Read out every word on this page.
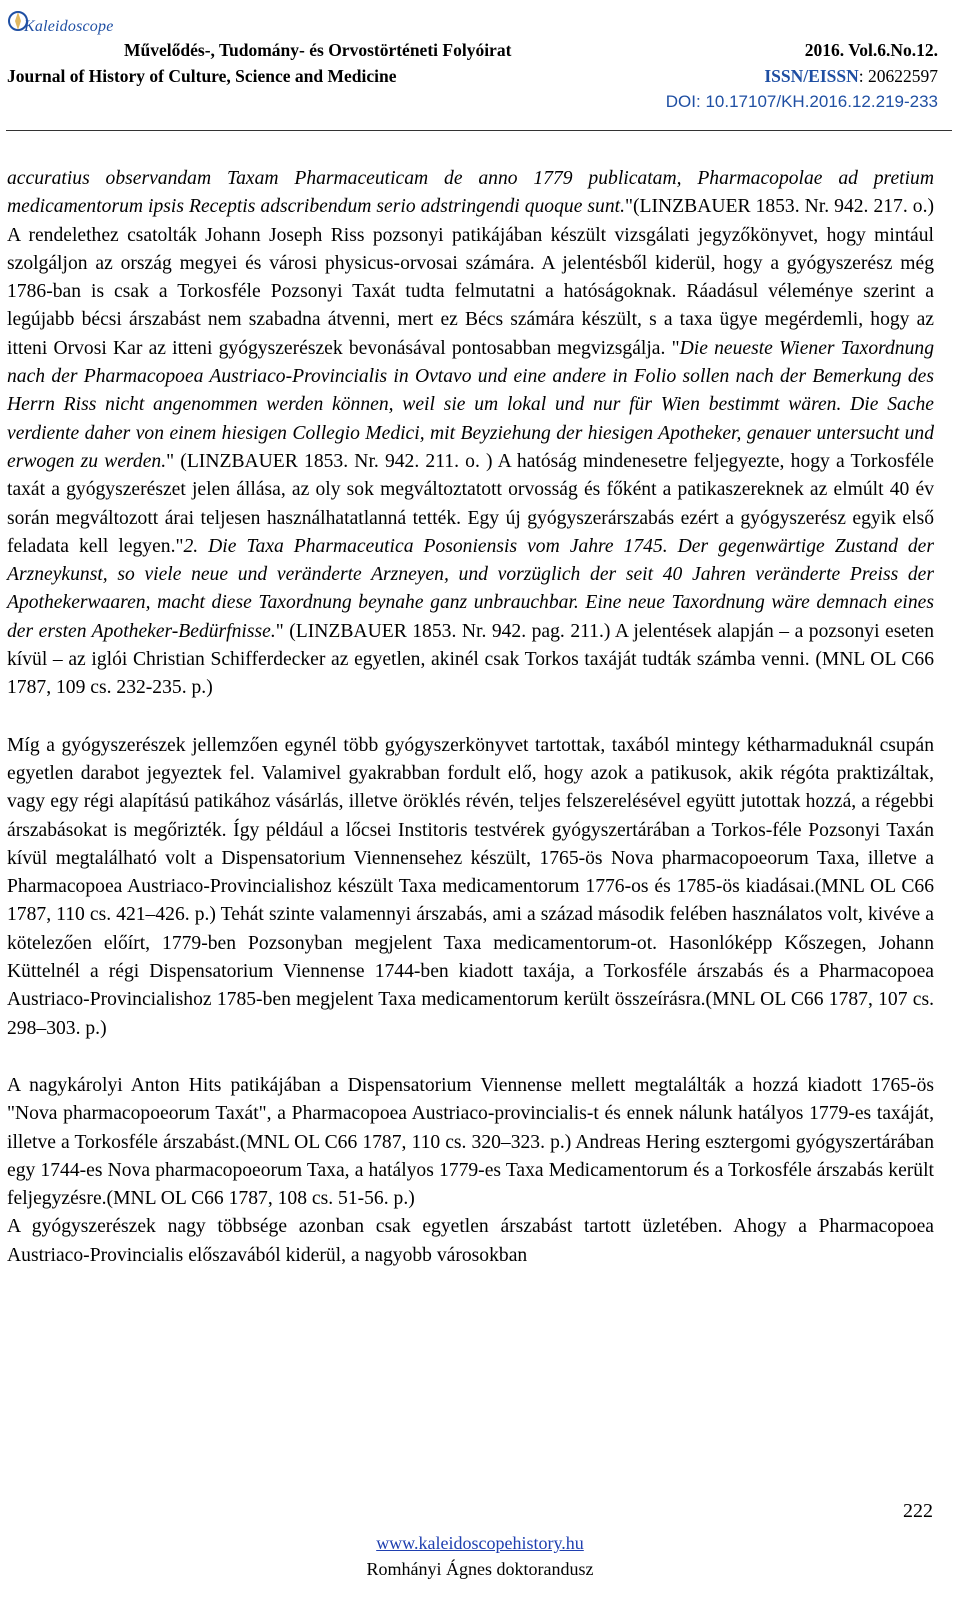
Kaleidoscope
Művelődés-, Tudomány- és Orvostörténeti Folyóirat	2016. Vol.6.No.12.
Journal of History of Culture, Science and Medicine	ISSN/EISSN: 20622597
DOI: 10.17107/KH.2016.12.219-233

accuratius observandam Taxam Pharmaceuticam de anno 1779 publicatam, Pharmacopolae ad pretium medicamentorum ipsis Receptis adscribendum serio adstringendi quoque sunt."(LINZBAUER 1853. Nr. 942. 217. o.) A rendelethez csatolták Johann Joseph Riss pozsonyi patikájában készült vizsgálati jegyzőkönyvet, hogy mintául szolgáljon az ország megyei és városi physicus-orvosai számára. A jelentésből kiderül, hogy a gyógyszerész még 1786-ban is csak a Torkosféle Pozsonyi Taxát tudta felmutatni a hatóságoknak. Ráadásul véleménye szerint a legújabb bécsi árszabást nem szabadna átvenni, mert ez Bécs számára készült, s a taxa ügye megérdemli, hogy az itteni Orvosi Kar az itteni gyógyszerészek bevonásával pontosabban megvizsgálja. "Die neueste Wiener Taxordnung nach der Pharmacopoea Austriaco-Provincialis in Ovtavo und eine andere in Folio sollen nach der Bemerkung des Herrn Riss nicht angenommen werden können, weil sie um lokal und nur für Wien bestimmt wären. Die Sache verdiente daher von einem hiesigen Collegio Medici, mit Beyziehung der hiesigen Apotheker, genauer untersucht und erwogen zu werden." (LINZBAUER 1853. Nr. 942. 211. o. ) A hatóság mindenesetre feljegyezte, hogy a Torkosféle taxát a gyógyszerészet jelen állása, az oly sok megváltoztatott orvosság és főként a patikaszereknek az elmúlt 40 év során megváltozott árai teljesen használhatatlanná tették. Egy új gyógyszerárszabás ezért a gyógyszerész egyik első feladata kell legyen."2. Die Taxa Pharmaceutica Posoniensis vom Jahre 1745. Der gegenwärtige Zustand der Arzneykunst, so viele neue und veränderte Arzneyen, und vorzüglich der seit 40 Jahren veränderte Preiss der Apothekerwaaren, macht diese Taxordnung beynahe ganz unbrauchbar. Eine neue Taxordnung wäre demnach eines der ersten Apotheker-Bedürfnisse." (LINZBAUER 1853. Nr. 942. pag. 211.) A jelentések alapján – a pozsonyi eseten kívül – az iglói Christian Schifferdecker az egyetlen, akinél csak Torkos taxáját tudták számba venni. (MNL OL C66 1787, 109 cs. 232-235. p.)

Míg a gyógyszerészek jellemzően egynél több gyógyszerkönyvet tartottak, taxából mintegy kétharmaduknál csupán egyetlen darabot jegyeztek fel. Valamivel gyakrabban fordult elő, hogy azok a patikusok, akik régóta praktizáltak, vagy egy régi alapítású patikához vásárlás, illetve öröklés révén, teljes felszerelésével együtt jutottak hozzá, a régebbi árszabásokat is megőrizték. Így például a lőcsei Institoris testvérek gyógyszertárában a Torkos-féle Pozsonyi Taxán kívül megtalálható volt a Dispensatorium Viennensehez készült, 1765-ös Nova pharmacopoeorum Taxa, illetve a Pharmacopoea Austriaco-Provincialishoz készült Taxa medicamentorum 1776-os és 1785-ös kiadásai.(MNL OL C66 1787, 110 cs. 421–426. p.) Tehát szinte valamennyi árszabás, ami a század második felében használatos volt, kivéve a kötelezően előírt, 1779-ben Pozsonyban megjelent Taxa medicamentorum-ot. Hasonlóképp Kőszegen, Johann Küttelnél a régi Dispensatorium Viennense 1744-ben kiadott taxája, a Torkosféle árszabás és a Pharmacopoea Austriaco-Provincialishoz 1785-ben megjelent Taxa medicamentorum került összeírásra.(MNL OL C66 1787, 107 cs. 298–303. p.)

A nagykárolyi Anton Hits patikájában a Dispensatorium Viennense mellett megtalálták a hozzá kiadott 1765-ös "Nova pharmacopoeorum Taxát", a Pharmacopoea Austriaco-provincialis-t és ennek nálunk hatályos 1779-es taxáját, illetve a Torkosféle árszabást.(MNL OL C66 1787, 110 cs. 320–323. p.) Andreas Hering esztergomi gyógyszertárában egy 1744-es Nova pharmacopoeorum Taxa, a hatályos 1779-es Taxa Medicamentorum és a Torkosféle árszabás került feljegyzésre.(MNL OL C66 1787, 108 cs. 51-56. p.)

A gyógyszerészek nagy többsége azonban csak egyetlen árszabást tartott üzletében. Ahogy a Pharmacopoea Austriaco-Provincialis előszavából kiderül, a nagyobb városokban

222
www.kaleidoscopehistory.hu
Romhányi Ágnes doktorandusz
